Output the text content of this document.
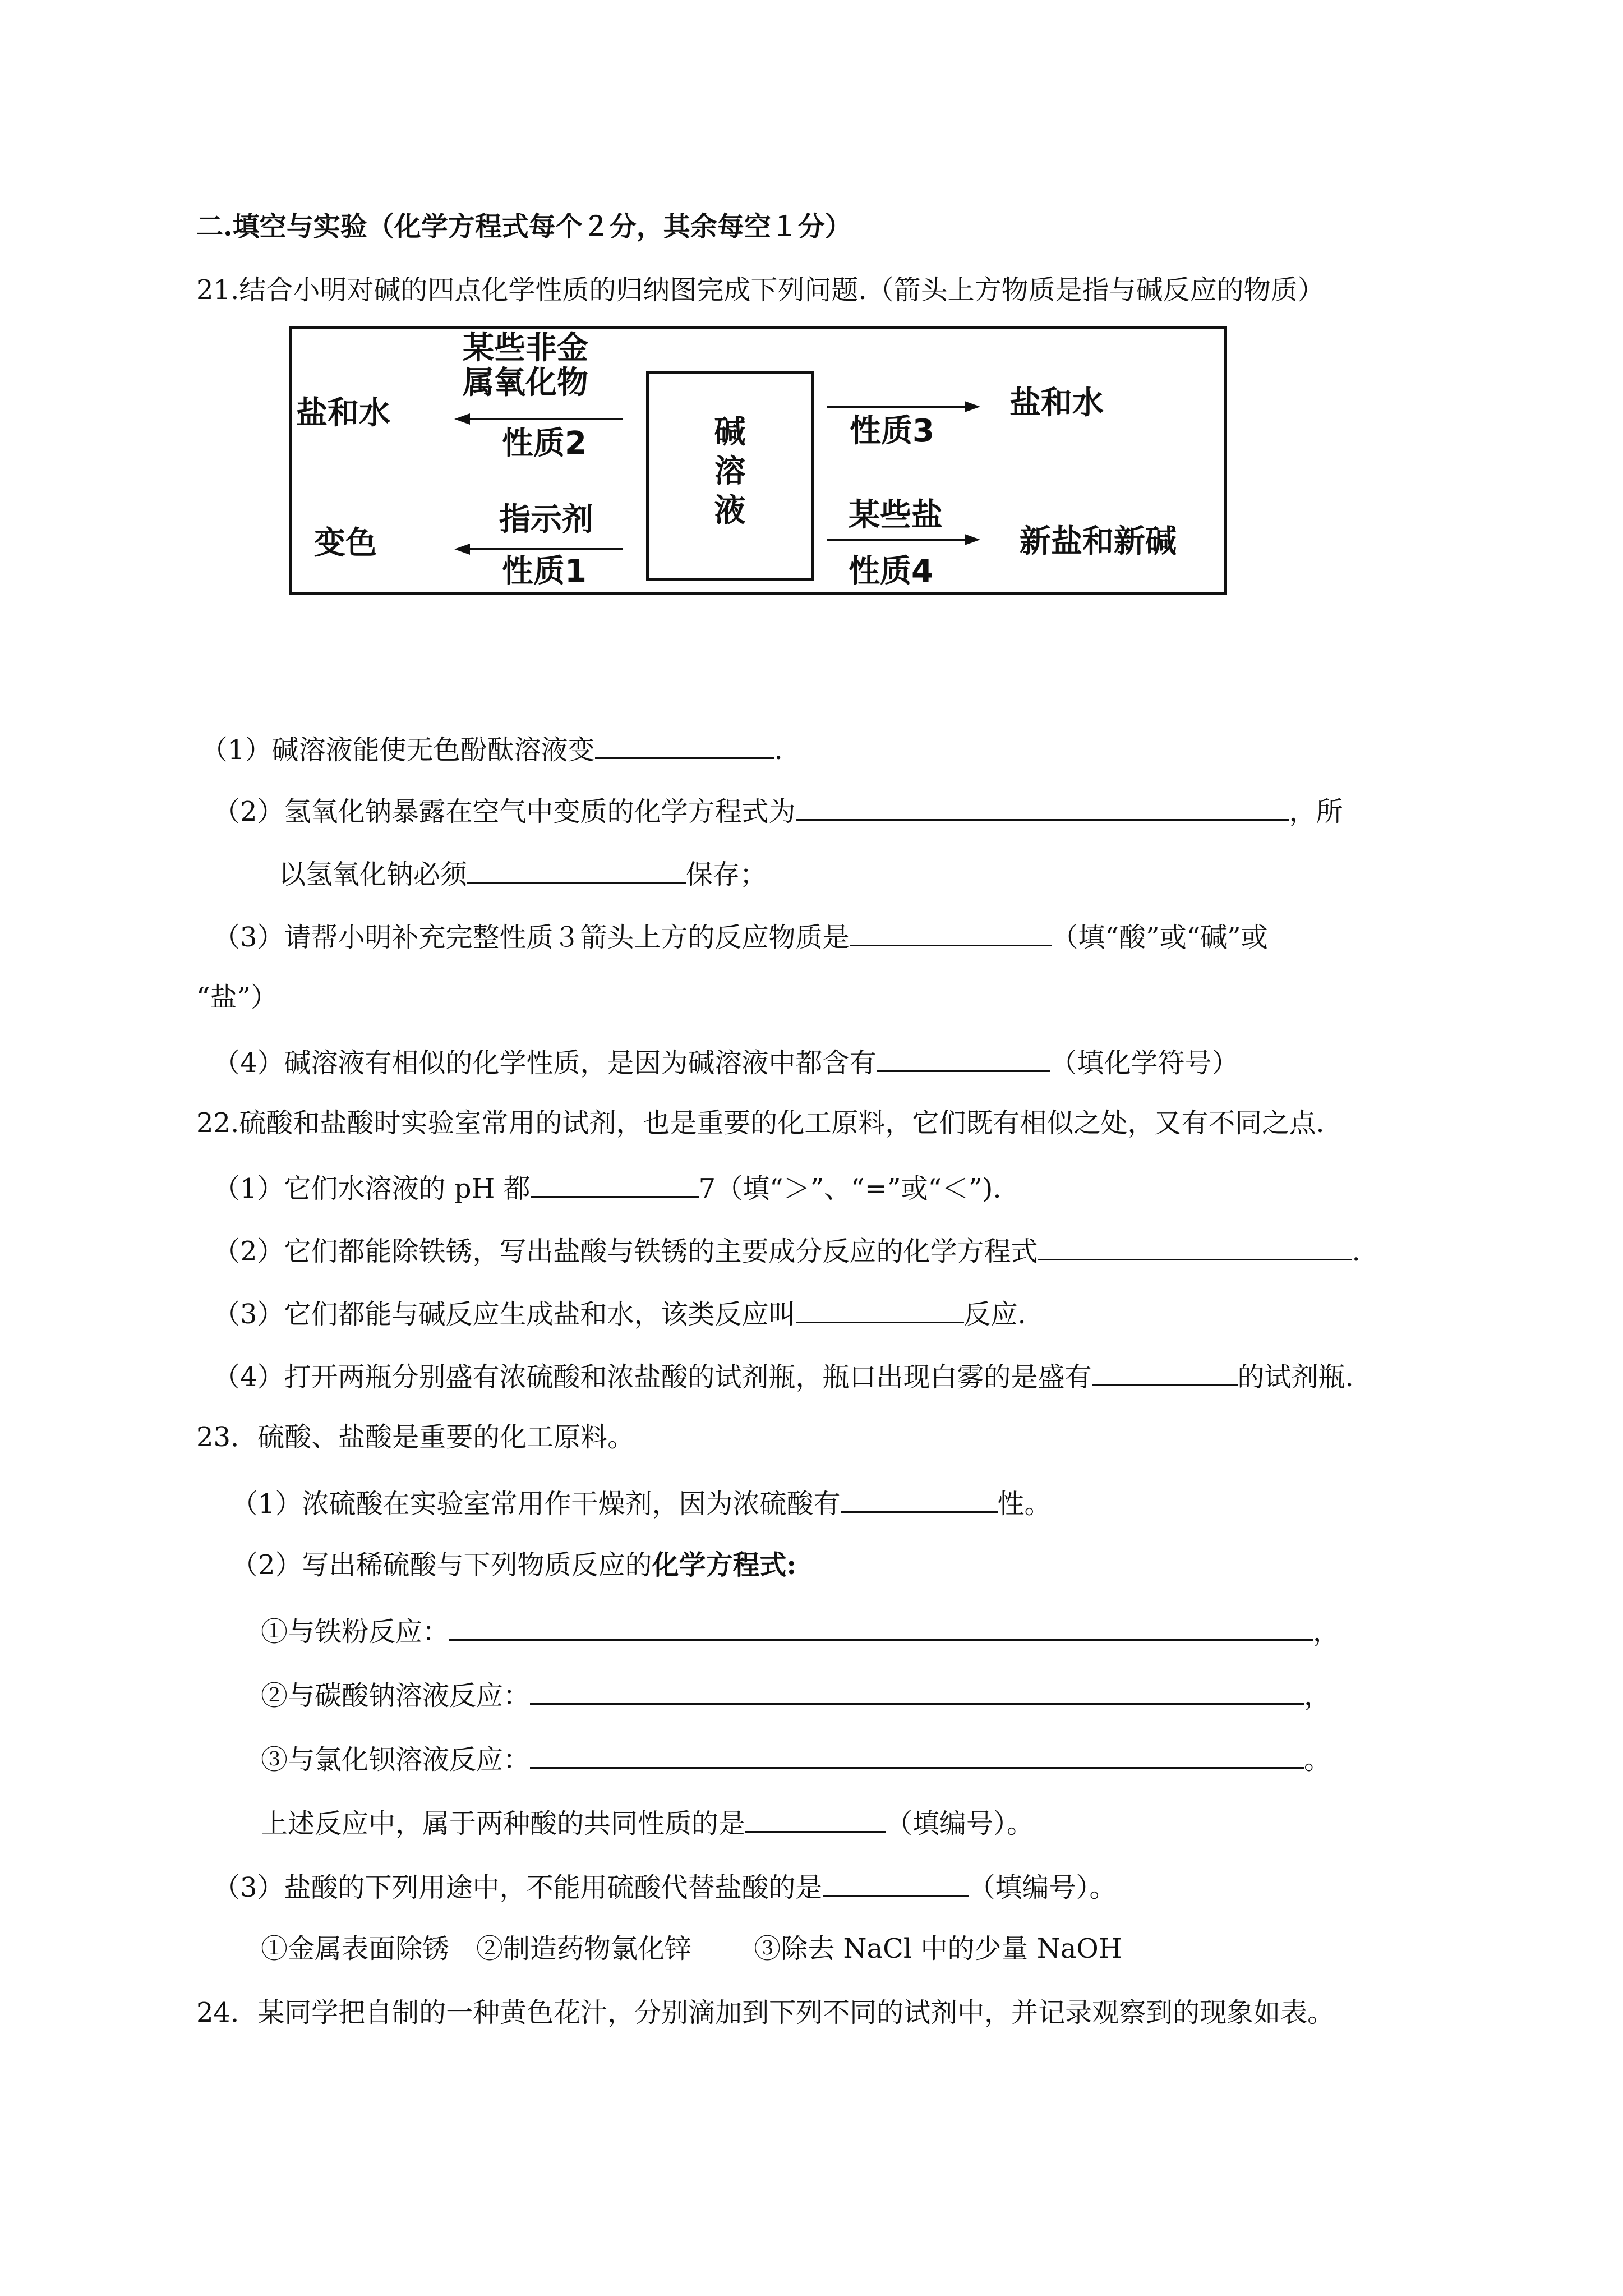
二.填空与实验（化学方程式每个２分，其余每空１分）
21.结合小明对碱的四点化学性质的归纳图完成下列问题.（箭头上方物质是指与碱反应的物质）
盐和水
某些非金
属氧化物
性质2
变色
指示剂
性质1
碱
溶
液
性质3
盐和水
某些盐
性质4
新盐和新碱
（1）碱溶液能使无色酚酞溶液变	.
（2）氢氧化钠暴露在空气中变质的化学方程式为	，所
以氢氧化钠必须	保存；
（3）请帮小明补充完整性质３箭头上方的反应物质是	（填“酸”或“碱”或
“盐”）
（4）碱溶液有相似的化学性质，是因为碱溶液中都含有	（填化学符号）
22.硫酸和盐酸时实验室常用的试剂，也是重要的化工原料，它们既有相似之处，又有不同之点.
（1）它们水溶液的 pH 都	7（填“＞”、“=”或“＜”).
（2）它们都能除铁锈，写出盐酸与铁锈的主要成分反应的化学方程式	.
（3）它们都能与碱反应生成盐和水，该类反应叫	反应.
（4）打开两瓶分别盛有浓硫酸和浓盐酸的试剂瓶，瓶口出现白雾的是盛有	的试剂瓶.
23．硫酸、盐酸是重要的化工原料。
（1）浓硫酸在实验室常用作干燥剂，因为浓硫酸有	性。
（2）写出稀硫酸与下列物质反应的化学方程式:
①与铁粉反应：	，
②与碳酸钠溶液反应：	，
③与氯化钡溶液反应：	。
上述反应中，属于两种酸的共同性质的是	（填编号）。
（3）盐酸的下列用途中，不能用硫酸代替盐酸的是	（填编号）。
①金属表面除锈　②制造药物氯化锌　　 ③除去 NaCl 中的少量 NaOH
24．某同学把自制的一种黄色花汁，分别滴加到下列不同的试剂中，并记录观察到的现象如表。
